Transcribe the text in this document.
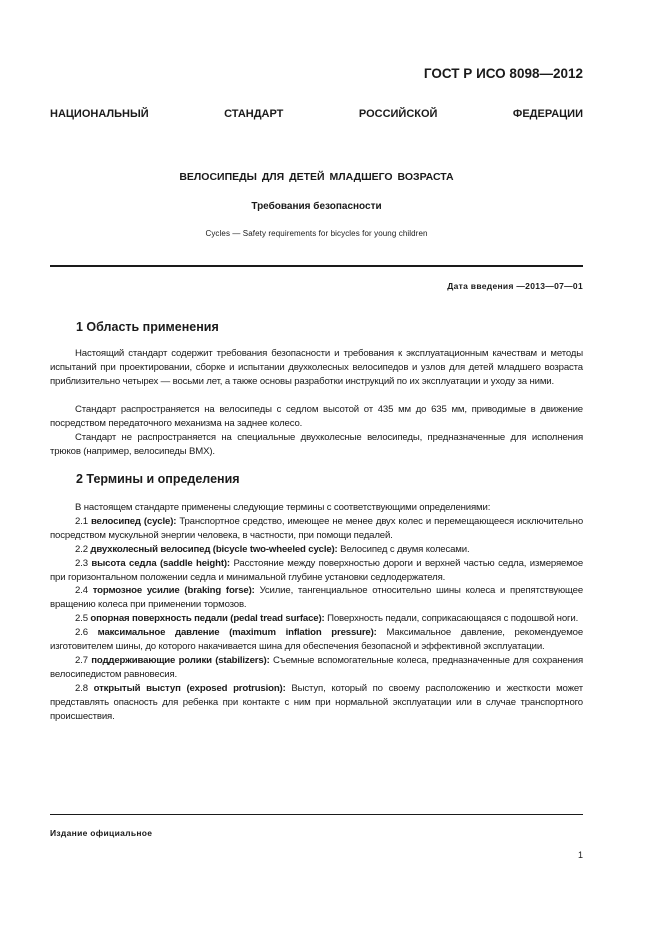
ГОСТ Р ИСО 8098—2012
НАЦИОНАЛЬНЫЙ СТАНДАРТ РОССИЙСКОЙ ФЕДЕРАЦИИ
ВЕЛОСИПЕДЫ ДЛЯ ДЕТЕЙ МЛАДШЕГО ВОЗРАСТА
Требования безопасности
Cycles — Safety requirements for bicycles for young children
Дата введения —2013—07—01
1 Область применения

Настоящий стандарт содержит требования безопасности и требования к эксплуатационным качествам и методы испытаний при проектировании, сборке и испытании двухколесных велосипедов и узлов для детей младшего возраста приблизительно четырех — восьми лет, а также основы разработки инструкций по их эксплуатации и уходу за ними.

Стандарт распространяется на велосипеды с седлом высотой от 435 мм до 635 мм, приводимые в движение посредством передаточного механизма на заднее колесо.

Стандарт не распространяется на специальные двухколесные велосипеды, предназначенные для исполнения трюков (например, велосипеды BMX).

2 Термины и определения

В настоящем стандарте применены следующие термины с соответствующими определениями:

2.1 велосипед (cycle): Транспортное средство, имеющее не менее двух колес и перемещающееся исключительно посредством мускульной энергии человека, в частности, при помощи педалей.

2.2 двухколесный велосипед (bicycle two-wheeled cycle): Велосипед с двумя колесами.

2.3 высота седла (saddle height): Расстояние между поверхностью дороги и верхней частью седла, измеряемое при горизонтальном положении седла и минимальной глубине установки седлодержателя.

2.4 тормозное усилие (braking forse): Усилие, тангенциальное относительно шины колеса и препятствующее вращению колеса при применении тормозов.

2.5 опорная поверхность педали (pedal tread surface): Поверхность педали, соприкасающаяся с подошвой ноги.

2.6 максимальное давление (maximum inflation pressure): Максимальное давление, рекомендуемое изготовителем шины, до которого накачивается шина для обеспечения безопасной и эффективной эксплуатации.

2.7 поддерживающие ролики (stabilizers): Съемные вспомогательные колеса, предназначенные для сохранения велосипедистом равновесия.

2.8 открытый выступ (exposed protrusion): Выступ, который по своему расположению и жесткости может представлять опасность для ребенка при контакте с ним при нормальной эксплуатации или в случае транспортного происшествия.

Издание официальное
1
